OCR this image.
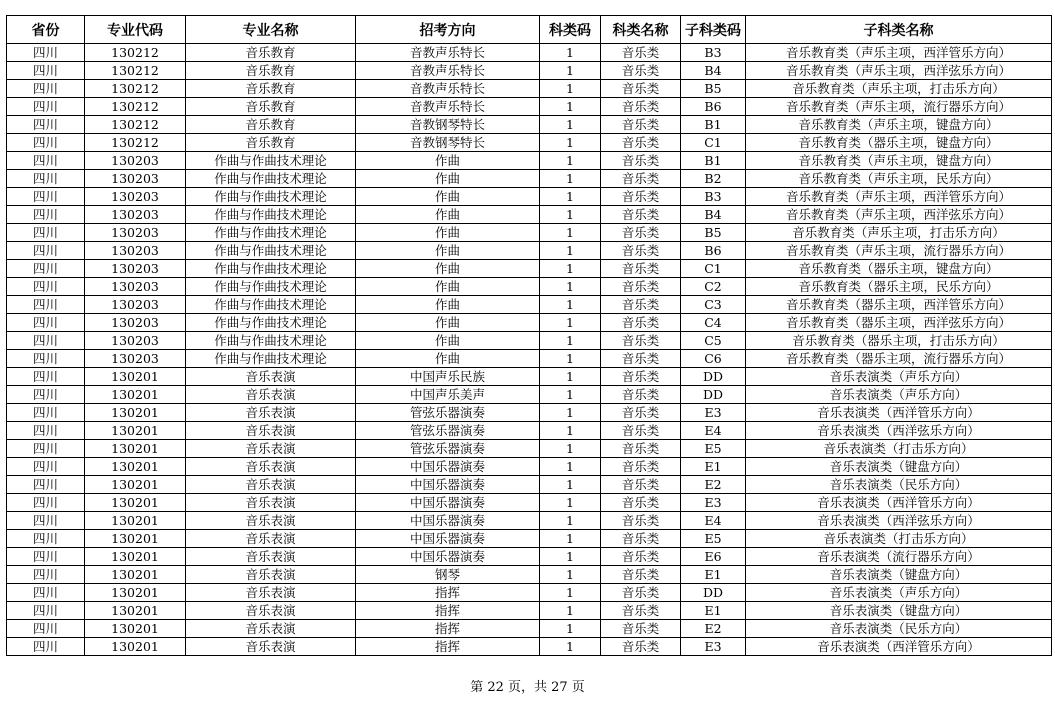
省份	专业代码	专业名称	招考方向	科类码	科类名称	子科类码	子科类名称
四川	130212	音乐教育	音教声乐特长	1	音乐类	B3	音乐教育类（声乐主项，西洋管乐方向）
四川	130212	音乐教育	音教声乐特长	1	音乐类	B4	音乐教育类（声乐主项，西洋弦乐方向）
四川	130212	音乐教育	音教声乐特长	1	音乐类	B5	音乐教育类（声乐主项，打击乐方向）
四川	130212	音乐教育	音教声乐特长	1	音乐类	B6	音乐教育类（声乐主项，流行器乐方向）
四川	130212	音乐教育	音教钢琴特长	1	音乐类	B1	音乐教育类（声乐主项，键盘方向）
四川	130212	音乐教育	音教钢琴特长	1	音乐类	C1	音乐教育类（器乐主项，键盘方向）
四川	130203	作曲与作曲技术理论	作曲	1	音乐类	B1	音乐教育类（声乐主项，键盘方向）
四川	130203	作曲与作曲技术理论	作曲	1	音乐类	B2	音乐教育类（声乐主项，民乐方向）
四川	130203	作曲与作曲技术理论	作曲	1	音乐类	B3	音乐教育类（声乐主项，西洋管乐方向）
四川	130203	作曲与作曲技术理论	作曲	1	音乐类	B4	音乐教育类（声乐主项，西洋弦乐方向）
四川	130203	作曲与作曲技术理论	作曲	1	音乐类	B5	音乐教育类（声乐主项，打击乐方向）
四川	130203	作曲与作曲技术理论	作曲	1	音乐类	B6	音乐教育类（声乐主项，流行器乐方向）
四川	130203	作曲与作曲技术理论	作曲	1	音乐类	C1	音乐教育类（器乐主项，键盘方向）
四川	130203	作曲与作曲技术理论	作曲	1	音乐类	C2	音乐教育类（器乐主项，民乐方向）
四川	130203	作曲与作曲技术理论	作曲	1	音乐类	C3	音乐教育类（器乐主项，西洋管乐方向）
四川	130203	作曲与作曲技术理论	作曲	1	音乐类	C4	音乐教育类（器乐主项，西洋弦乐方向）
四川	130203	作曲与作曲技术理论	作曲	1	音乐类	C5	音乐教育类（器乐主项，打击乐方向）
四川	130203	作曲与作曲技术理论	作曲	1	音乐类	C6	音乐教育类（器乐主项，流行器乐方向）
四川	130201	音乐表演	中国声乐民族	1	音乐类	DD	音乐表演类（声乐方向）
四川	130201	音乐表演	中国声乐美声	1	音乐类	DD	音乐表演类（声乐方向）
四川	130201	音乐表演	管弦乐器演奏	1	音乐类	E3	音乐表演类（西洋管乐方向）
四川	130201	音乐表演	管弦乐器演奏	1	音乐类	E4	音乐表演类（西洋弦乐方向）
四川	130201	音乐表演	管弦乐器演奏	1	音乐类	E5	音乐表演类（打击乐方向）
四川	130201	音乐表演	中国乐器演奏	1	音乐类	E1	音乐表演类（键盘方向）
四川	130201	音乐表演	中国乐器演奏	1	音乐类	E2	音乐表演类（民乐方向）
四川	130201	音乐表演	中国乐器演奏	1	音乐类	E3	音乐表演类（西洋管乐方向）
四川	130201	音乐表演	中国乐器演奏	1	音乐类	E4	音乐表演类（西洋弦乐方向）
四川	130201	音乐表演	中国乐器演奏	1	音乐类	E5	音乐表演类（打击乐方向）
四川	130201	音乐表演	中国乐器演奏	1	音乐类	E6	音乐表演类（流行器乐方向）
四川	130201	音乐表演	钢琴	1	音乐类	E1	音乐表演类（键盘方向）
四川	130201	音乐表演	指挥	1	音乐类	DD	音乐表演类（声乐方向）
四川	130201	音乐表演	指挥	1	音乐类	E1	音乐表演类（键盘方向）
四川	130201	音乐表演	指挥	1	音乐类	E2	音乐表演类（民乐方向）
四川	130201	音乐表演	指挥	1	音乐类	E3	音乐表演类（西洋管乐方向）
第 22 页，共 27 页
